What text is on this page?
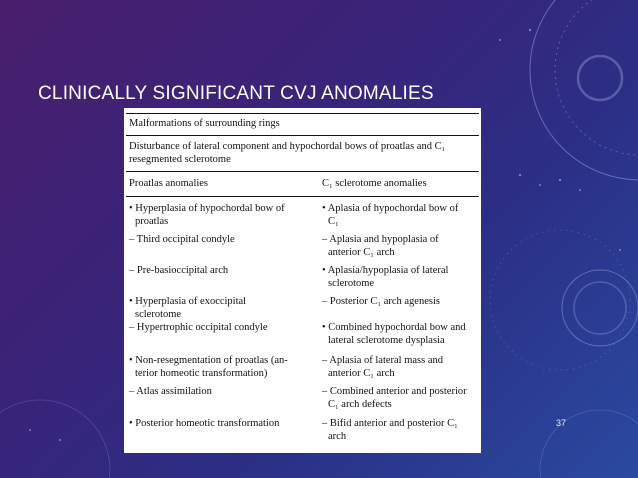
CLINICALLY SIGNIFICANT CVJ ANOMALIES
Malformations of surrounding rings
Disturbance of lateral component and hypochordal bows of proatlas and C₁
resegmented sclerotome
Proatlas anomalies	C₁ sclerotome anomalies
• Hyperplasia of hypochordal bow of
proatlas
– Third occipital condyle
– Pre-basioccipital arch
• Hyperplasia of exoccipital
sclerotome
– Hypertrophic occipital condyle
• Non-resegmentation of proatlas (an-
terior homeotic transformation)
– Atlas assimilation
• Posterior homeotic transformation
• Aplasia of hypochordal bow of
C₁
– Aplasia and hypoplasia of
anterior C₁ arch
• Aplasia/hypoplasia of lateral
sclerotome
– Posterior C₁ arch agenesis
• Combined hypochordal bow and
lateral sclerotome dysplasia
– Aplasia of lateral mass and
anterior C₁ arch
– Combined anterior and posterior
C₁ arch defects
– Bifid anterior and posterior C₁
arch
37
